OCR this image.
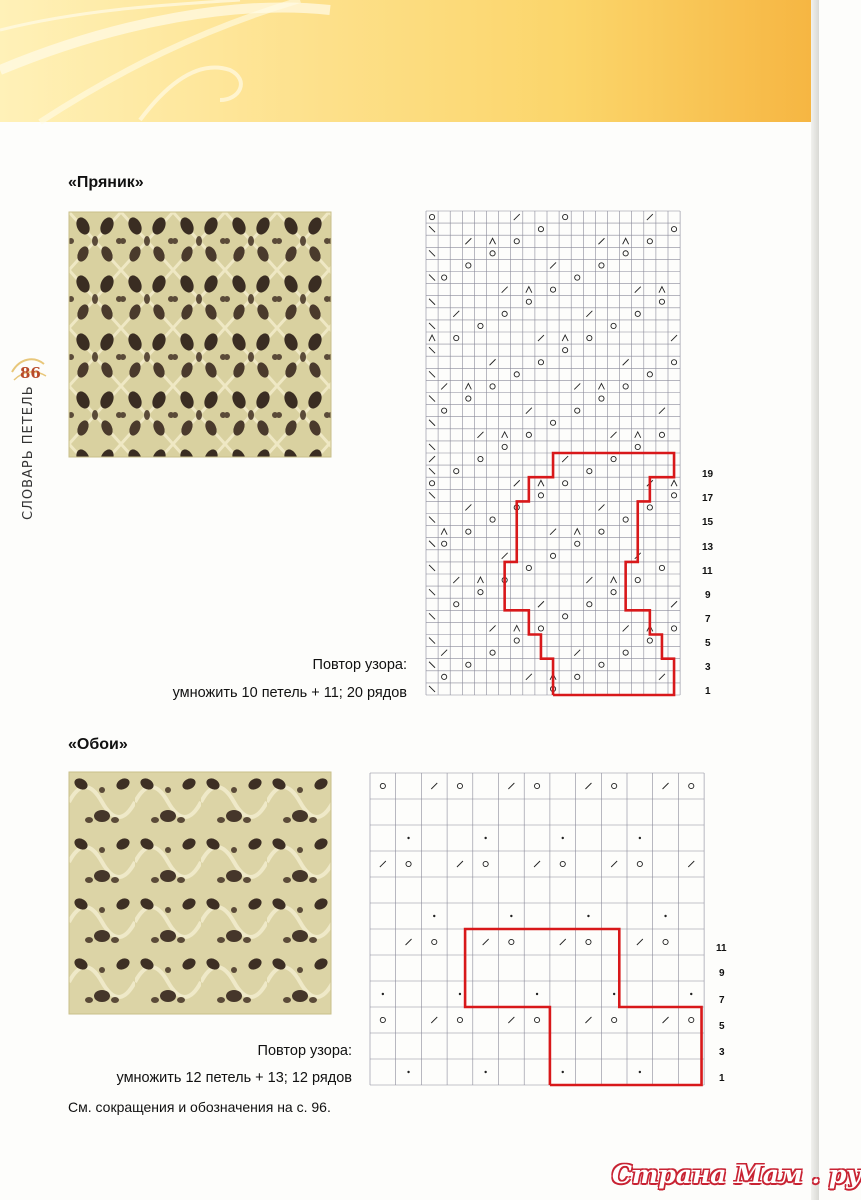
86
СЛОВАРЬ ПЕТЕЛЬ
«Пряник»
19
17
15
13
11
9
7
5
3
1
Повтор узора:
умножить 10 петель + 11; 20 рядов
«Обои»
11
9
7
5
3
1
Повтор узора:
умножить 12 петель + 13; 12 рядов
См. сокращения и обозначения на с. 96.
Страна Мам . ру
